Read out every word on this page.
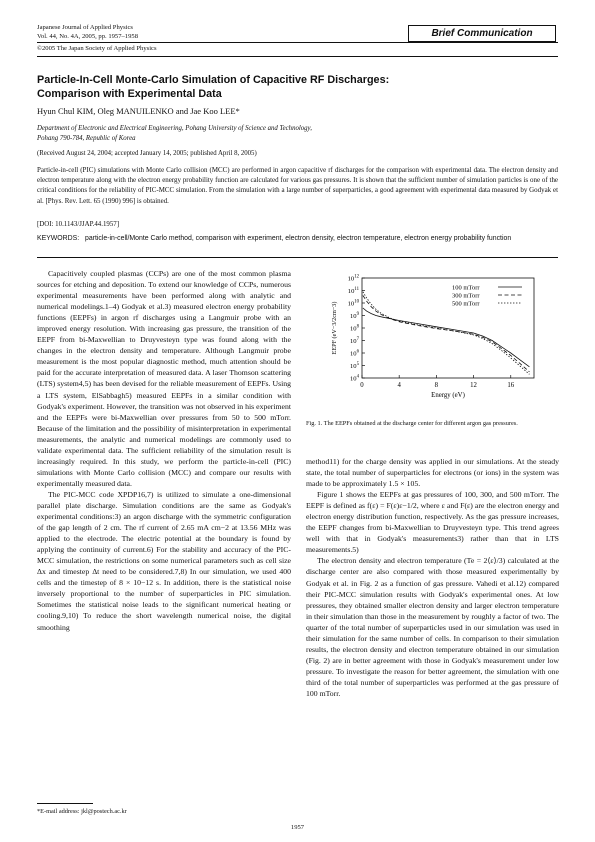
Japanese Journal of Applied Physics
Vol. 44, No. 4A, 2005, pp. 1957–1958
©2005 The Japan Society of Applied Physics
Brief Communication
Particle-In-Cell Monte-Carlo Simulation of Capacitive RF Discharges:
Comparison with Experimental Data
Hyun Chul KIM, Oleg MANUILENKO and Jae Koo LEE*
Department of Electronic and Electrical Engineering, Pohang University of Science and Technology,
Pohang 790-784, Republic of Korea
(Received August 24, 2004; accepted January 14, 2005; published April 8, 2005)
Particle-in-cell (PIC) simulations with Monte Carlo collision (MCC) are performed in argon capacitive rf discharges for the comparison with experimental data. The electron density and electron temperature along with the electron energy probability function are calculated for various gas pressures. It is shown that the sufficient number of simulation particles is one of the critical conditions for the reliability of PIC-MCC simulation. From the simulation with a large number of superparticles, a good agreement with experimental data measured by Godyak et al. [Phys. Rev. Lett. 65 (1990) 996] is obtained.
[DOI: 10.1143/JJAP.44.1957]
KEYWORDS: particle-in-cell/Monte Carlo method, comparison with experiment, electron density, electron temperature, electron energy probability function

Capacitively coupled plasmas (CCPs) are one of the most common plasma sources for etching and deposition. To extend our knowledge of CCPs, numerous experimental measurements have been performed along with analytic and numerical modelings.1–4) Godyak et al.3) measured electron energy probability functions (EEPFs) in argon rf discharges using a Langmuir probe with an improved energy resolution. With increasing gas pressure, the transition of the EEPF from bi-Maxwellian to Druyvesteyn type was found along with the changes in the electron density and temperature. Although Langmuir probe measurement is the most popular diagnostic method, much attention should be paid for the accurate interpretation of measured data. A laser Thomson scattering (LTS) system4,5) has been devised for the reliable measurement of EEPFs. Using a LTS system, ElSabbagh5) measured EEPFs in a similar condition with Godyak's experiment. However, the transition was not observed in his experiment and the EEPFs were bi-Maxwellian over pressures from 50 to 500 mTorr. Because of the limitation and the possibility of misinterpretation in experimental measurements, the analytic and numerical modelings are commonly used to validate experimental data. The sufficient reliability of the simulation result is increasingly required. In this study, we perform the particle-in-cell (PIC) simulations with Monte Carlo collision (MCC) and compare our results with experimentally measured data.

The PIC-MCC code XPDP16,7) is utilized to simulate a one-dimensional parallel plate discharge. Simulation conditions are the same as Godyak's experimental conditions:3) an argon discharge with the symmetric configuration of the gap length of 2 cm. The rf current of 2.65 mA cm−2 at 13.56 MHz was applied to the electrode. The electric potential at the boundary is found by applying the continuity of current.6) For the stability and accuracy of the PIC-MCC simulation, the restrictions on some numerical parameters such as cell size Δx and timestep Δt need to be considered.7,8) In our simulation, we used 400 cells and the timestep of 8 × 10−12 s. In addition, there is the statistical noise inversely proportional to the number of superparticles in PIC simulation. Sometimes the statistical noise leads to the significant numerical heating or cooling.9,10) To reduce the short wavelength numerical noise, the digital smoothing

0	4	8	12	16
$10^4$
$10^5$
$10^6$
$10^7$
$10^8$
$10^9$
$10^{10}$
$10^{11}$
$10^{12}$
Energy (eV)
EEPF (eV−3/2cm−3)
100 mTorr
300 mTorr
500 mTorr
Fig. 1. The EEPFs obtained at the discharge center for different argon gas pressures.

method11) for the charge density was applied in our simulations. At the steady state, the total number of superparticles for electrons (or ions) in the system was made to be approximately 1.5 × 105.

Figure 1 shows the EEPFs at gas pressures of 100, 300, and 500 mTorr. The EEPF is defined as f(ε) = F(ε)ε−1/2, where ε and F(ε) are the electron energy and electron energy distribution function, respectively. As the gas pressure increases, the EEPF changes from bi-Maxwellian to Druyvesteyn type. This trend agrees well with that in Godyak's measurements3) rather than that in LTS measurements.5)

The electron density and electron temperature (Te = 2⟨ε⟩/3) calculated at the discharge center are also compared with those measured experimentally by Godyak et al. in Fig. 2 as a function of gas pressure. Vahedi et al.12) compared their PIC-MCC simulation results with Godyak's experimental ones. At low pressures, they obtained smaller electron density and larger electron temperature in their simulation than those in the measurement by roughly a factor of two. The quarter of the total number of superparticles used in our simulation was used in their simulation for the same number of cells. In comparison to their simulation results, the electron density and electron temperature obtained in our simulation (Fig. 2) are in better agreement with those in Godyak's measurement under low pressure. To investigate the reason for better agreement, the simulation with one third of the total number of superparticles was performed at the gas pressure of 100 mTorr.

*E-mail address: jkl@postech.ac.kr
1957
